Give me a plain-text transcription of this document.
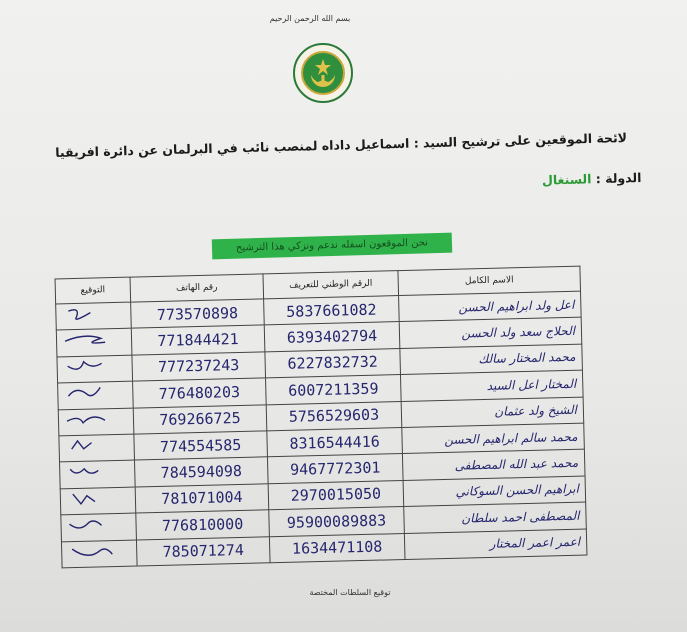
بسم الله الرحمن الرحيم
لائحة الموقعين على ترشيح السيد : اسماعيل داداه لمنصب نائب في البرلمان عن دائرة افريقيا
الدولة : السنغال
نحن الموقعون اسفله ندعم ونزكي هذا الترشيح
التوقيع	رقم الهاتف	الرقم الوطني للتعريف	الاسم الكامل

	773570898	5837661082	اعل ولد ابراهيم الحسن

	771844421	6393402794	الحلاج سعد ولد الحسن

	777237243	6227832732	محمد المختار سالك

	776480203	6007211359	المختار اعل السيد

	769266725	5756529603	الشيخ ولد عثمان

	774554585	8316544416	محمد سالم ابراهيم الحسن

	784594098	9467772301	محمد عبد الله المصطفى

	781071004	2970015050	ابراهيم الحسن السوكاني

	776810000	95900089883	المصطفى احمد سلطان

	785071274	1634471108	اعمر اعمر المختار
توقيع السلطات المختصة
